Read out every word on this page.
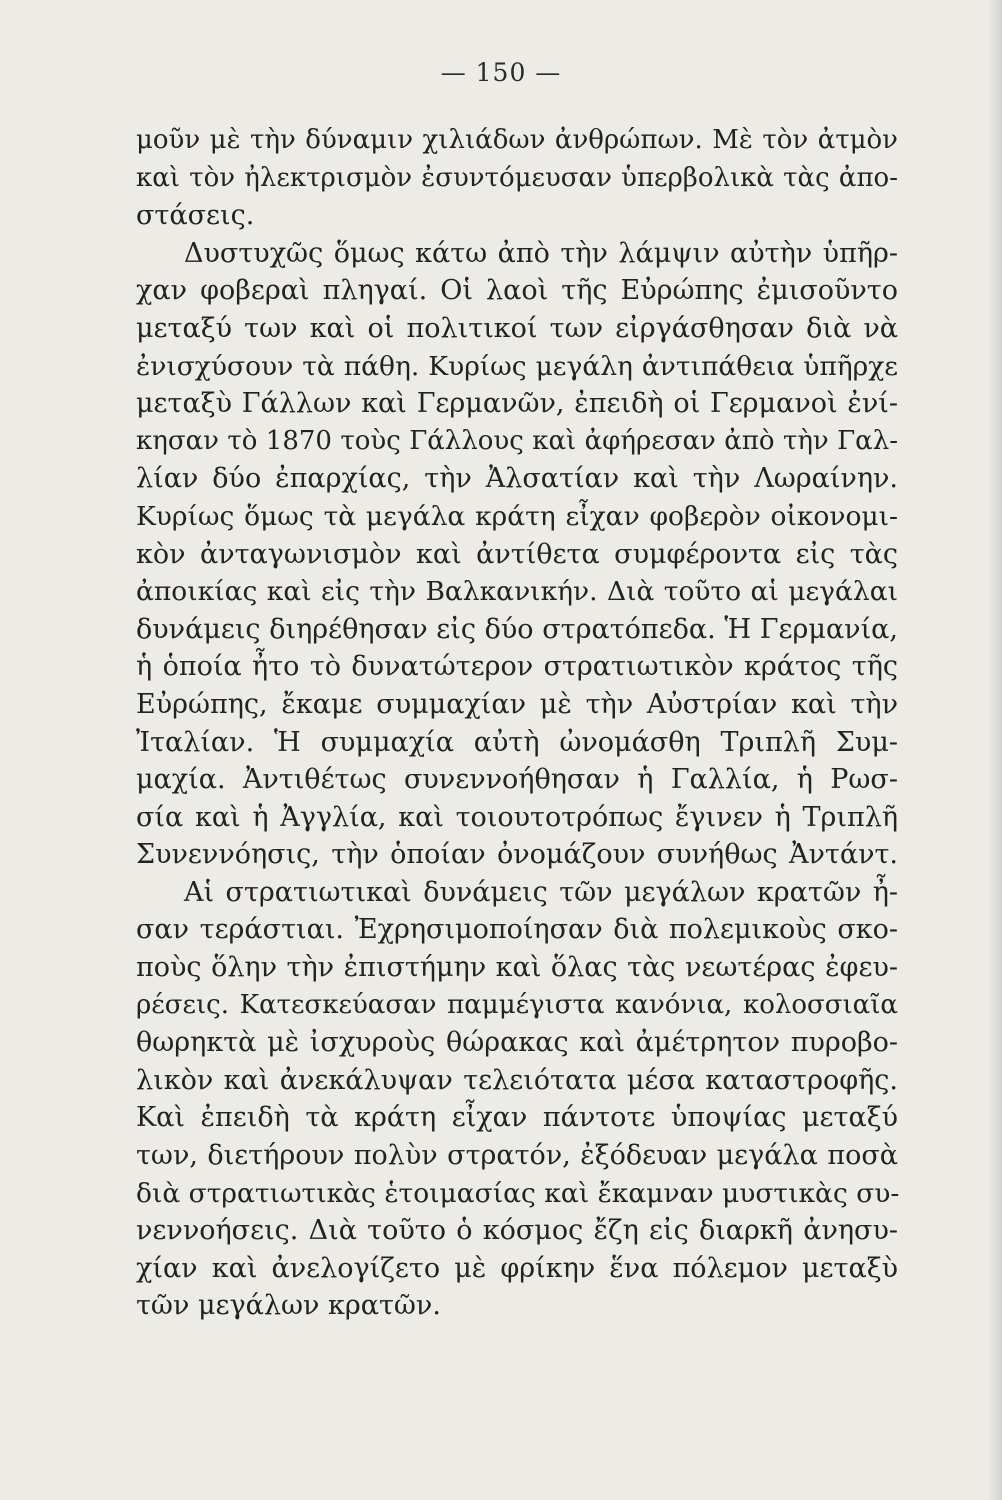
— 150 —
μοῦν μὲ τὴν δύναμιν χιλιάδων ἀνθρώπων. Μὲ τὸν ἀτμὸν
καὶ τὸν ἠλεκτρισμὸν ἐσυντόμευσαν ὑπερβολικὰ τὰς ἀπο-
στάσεις.
Δυστυχῶς ὅμως κάτω ἀπὸ τὴν λάμψιν αὐτὴν ὑπῆρ-
χαν φοβεραὶ πληγαί. Οἱ λαοὶ τῆς Εὐρώπης ἐμισοῦντο
μεταξύ των καὶ οἱ πολιτικοί των εἰργάσθησαν διὰ νὰ
ἐνισχύσουν τὰ πάθη. Κυρίως μεγάλη ἀντιπάθεια ὑπῆρχε
μεταξὺ Γάλλων καὶ Γερμανῶν, ἐπειδὴ οἱ Γερμανοὶ ἐνί-
κησαν τὸ 1870 τοὺς Γάλλους καὶ ἀφήρεσαν ἀπὸ τὴν Γαλ-
λίαν δύο ἐπαρχίας, τὴν Ἀλσατίαν καὶ τὴν Λωραίνην.
Κυρίως ὅμως τὰ μεγάλα κράτη εἶχαν φοβερὸν οἰκονομι-
κὸν ἀνταγωνισμὸν καὶ ἀντίθετα συμφέροντα εἰς τὰς
ἀποικίας καὶ εἰς τὴν Βαλκανικήν. Διὰ τοῦτο αἱ μεγάλαι
δυνάμεις διηρέθησαν εἰς δύο στρατόπεδα. Ἡ Γερμανία,
ἡ ὁποία ἦτο τὸ δυνατώτερον στρατιωτικὸν κράτος τῆς
Εὐρώπης, ἔκαμε συμμαχίαν μὲ τὴν Αὐστρίαν καὶ τὴν
Ἰταλίαν. Ἡ συμμαχία αὐτὴ ὠνομάσθη Τριπλῆ Συμ-
μαχία. Ἀντιθέτως συνεννοήθησαν ἡ Γαλλία, ἡ Ρωσ-
σία καὶ ἡ Ἀγγλία, καὶ τοιουτοτρόπως ἔγινεν ἡ Τριπλῆ
Συνεννόησις, τὴν ὁποίαν ὀνομάζουν συνήθως Ἀντάντ.
Αἱ στρατιωτικαὶ δυνάμεις τῶν μεγάλων κρατῶν ἦ-
σαν τεράστιαι. Ἐχρησιμοποίησαν διὰ πολεμικοὺς σκο-
ποὺς ὅλην τὴν ἐπιστήμην καὶ ὅλας τὰς νεωτέρας ἐφευ-
ρέσεις. Κατεσκεύασαν παμμέγιστα κανόνια, κολοσσιαῖα
θωρηκτὰ μὲ ἰσχυροὺς θώρακας καὶ ἀμέτρητον πυροβο-
λικὸν καὶ ἀνεκάλυψαν τελειότατα μέσα καταστροφῆς.
Καὶ ἐπειδὴ τὰ κράτη εἶχαν πάντοτε ὑποψίας μεταξύ
των, διετήρουν πολὺν στρατόν, ἐξόδευαν μεγάλα ποσὰ
διὰ στρατιωτικὰς ἑτοιμασίας καὶ ἔκαμναν μυστικὰς συ-
νεννοήσεις. Διὰ τοῦτο ὁ κόσμος ἔζη εἰς διαρκῆ ἀνησυ-
χίαν καὶ ἀνελογίζετο μὲ φρίκην ἕνα πόλεμον μεταξὺ
τῶν μεγάλων κρατῶν.
